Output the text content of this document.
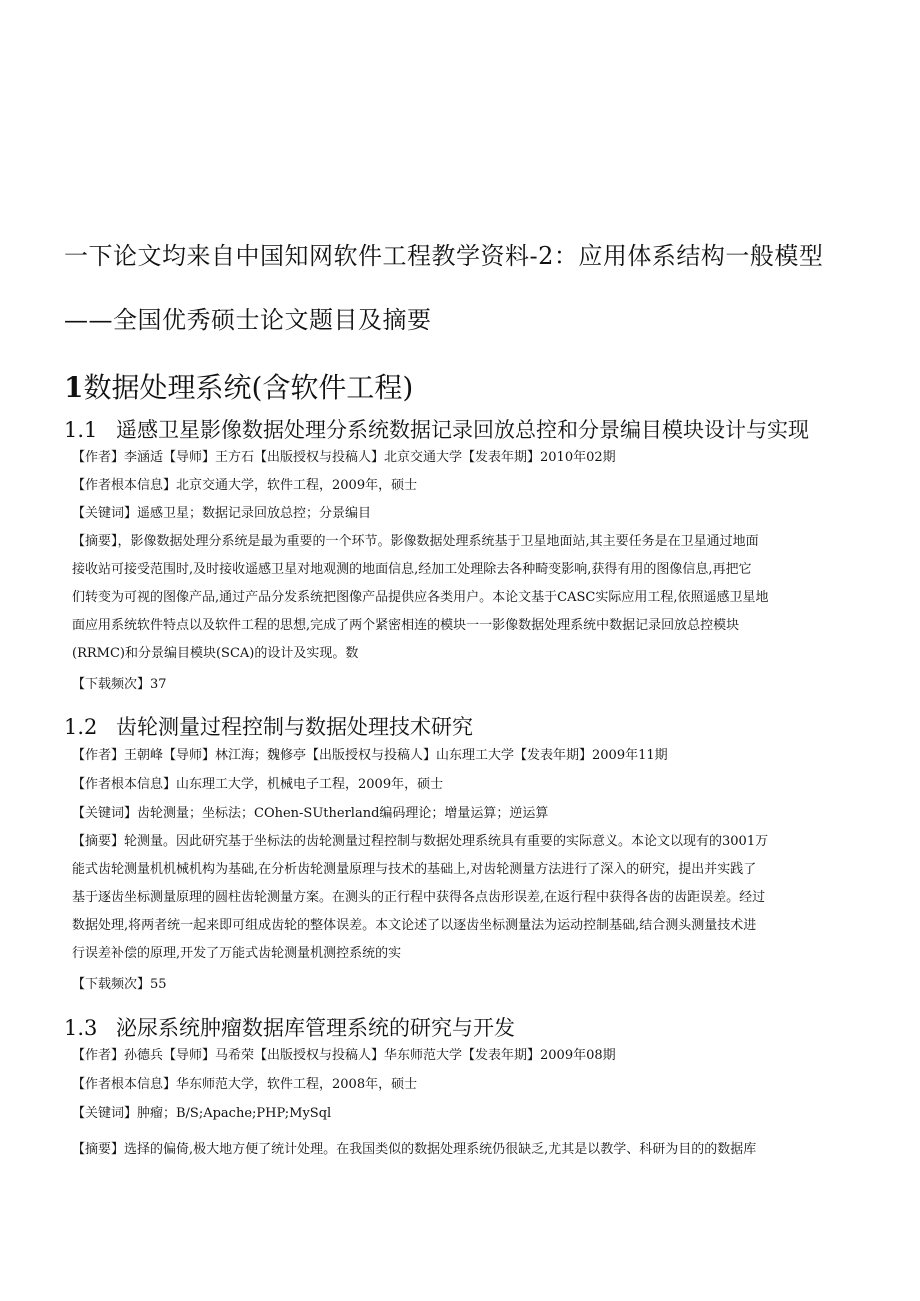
一下论文均来自中国知网软件工程教学资料-2：应用体系结构一般模型
——全国优秀硕士论文题目及摘要
1数据处理系统(含软件工程)
1.1 遥感卫星影像数据处理分系统数据记录回放总控和分景编目模块设计与实现
【作者】李涵适【导师】王方石【出版授权与投稿人】北京交通大学【发表年期】2010年02期
【作者根本信息】北京交通大学，软件工程，2009年，硕士
【关键词】遥感卫星；数据记录回放总控；分景编目
【摘要】，影像数据处理分系统是最为重要的一个环节。影像数据处理系统基于卫星地面站,其主要任务是在卫星通过地面
接收站可接受范围时,及时接收遥感卫星对地观测的地面信息,经加工处理除去各种畸变影响,获得有用的图像信息,再把它
们转变为可视的图像产品,通过产品分发系统把图像产品提供应各类用户。本论文基于CASC实际应用工程,依照遥感卫星地
面应用系统软件特点以及软件工程的思想,完成了两个紧密相连的模块一一影像数据处理系统中数据记录回放总控模块
(RRMC)和分景编目模块(SCA)的设计及实现。数
【下载频次】37
1.2 齿轮测量过程控制与数据处理技术研究
【作者】王朝峰【导师】林江海；魏修亭【出版授权与投稿人】山东理工大学【发表年期】2009年11期
【作者根本信息】山东理工大学，机械电子工程，2009年，硕士
【关键词】齿轮测量；坐标法；COhen-SUtherland编码理论；增量运算；逆运算
【摘要】轮测量。因此研究基于坐标法的齿轮测量过程控制与数据处理系统具有重要的实际意义。本论文以现有的3001万
能式齿轮测量机机械机构为基础,在分析齿轮测量原理与技术的基础上,对齿轮测量方法进行了深入的研究，提出并实践了
基于逐齿坐标测量原理的圆柱齿轮测量方案。在测头的正行程中获得各点齿形误差,在返行程中获得各齿的齿距误差。经过
数据处理,将两者统一起来即可组成齿轮的整体误差。本文论述了以逐齿坐标测量法为运动控制基础,结合测头测量技术进
行误差补偿的原理,开发了万能式齿轮测量机测控系统的实
【下载频次】55
1.3 泌尿系统肿瘤数据库管理系统的研究与开发
【作者】孙德兵【导师】马希荣【出版授权与投稿人】华东师范大学【发表年期】2009年08期
【作者根本信息】华东师范大学，软件工程，2008年，硕士
【关键词】肿瘤；B/S;Apache;PHP;MySql
【摘要】选择的偏倚,极大地方便了统计处理。在我国类似的数据处理系统仍很缺乏,尤其是以教学、科研为目的的数据库
